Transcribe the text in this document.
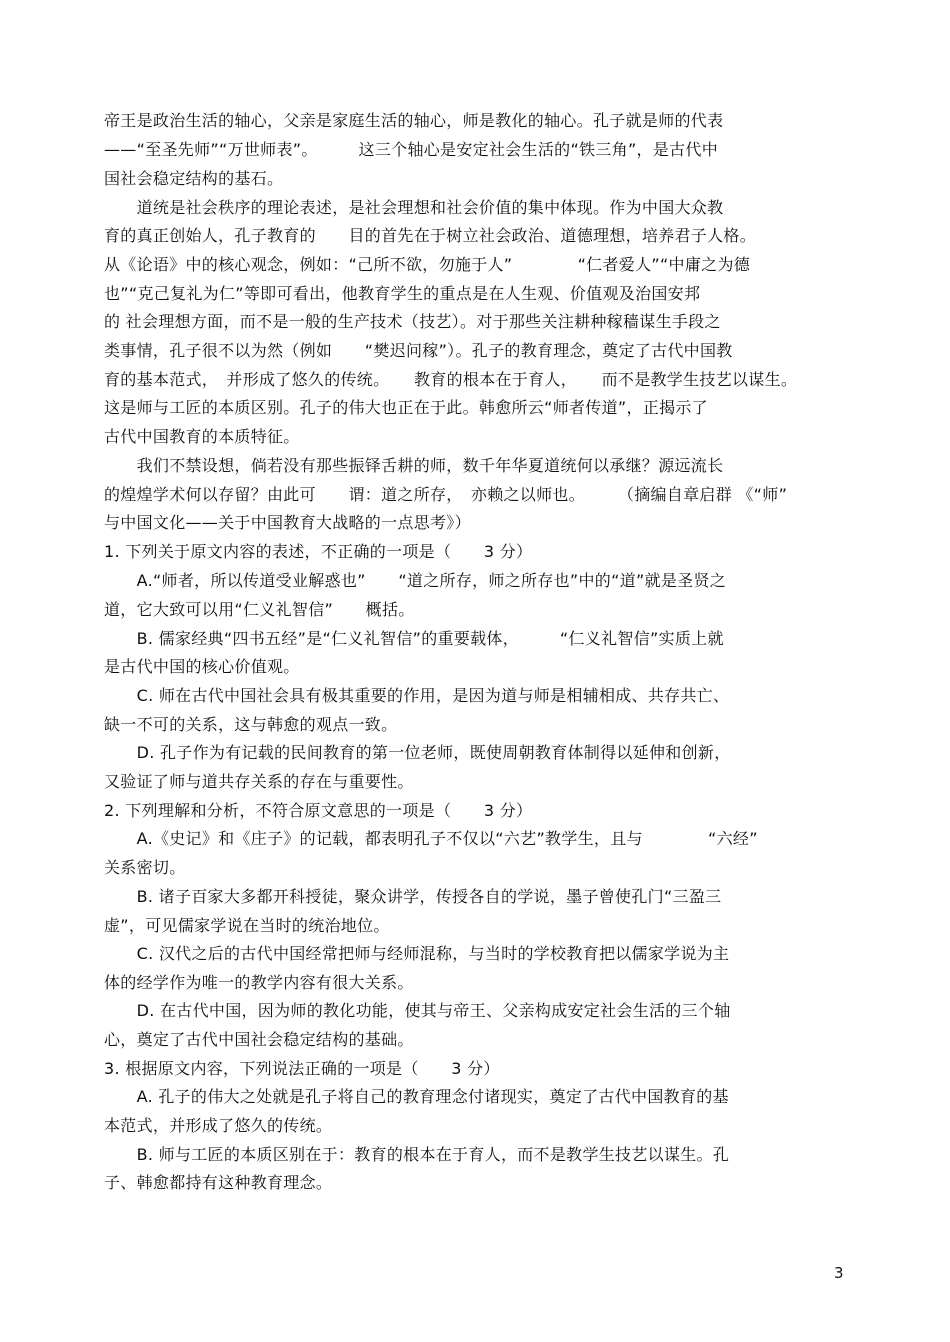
3
帝王是政治生活的轴心，父亲是家庭生活的轴心，师是教化的轴心。孔子就是师的代表
——“至圣先师”“万世师表”。　　　这三个轴心是安定社会生活的“铁三角”，是古代中
国社会稳定结构的基石。
　　道统是社会秩序的理论表述，是社会理想和社会价值的集中体现。作为中国大众教
育的真正创始人，孔子教育的　　目的首先在于树立社会政治、道德理想，培养君子人格。
从《论语》中的核心观念，例如：“己所不欲，勿施于人”　　　　“仁者爱人”“中庸之为德
也”“克己复礼为仁”等即可看出，他教育学生的重点是在人生观、价值观及治国安邦
的 社会理想方面，而不是一般的生产技术（技艺）。对于那些关注耕种稼穑谋生手段之
类事情，孔子很不以为然（例如　　“樊迟问稼”）。孔子的教育理念，奠定了古代中国教
育的基本范式，　并形成了悠久的传统。　　教育的根本在于育人，　　而不是教学生技艺以谋生。
这是师与工匠的本质区别。孔子的伟大也正在于此。韩愈所云“师者传道”，正揭示了
古代中国教育的本质特征。
　　我们不禁设想，倘若没有那些振铎舌耕的师，数千年华夏道统何以承继？源远流长
的煌煌学术何以存留？由此可　　谓：道之所存，　亦赖之以师也。　　　（摘编自章启群 《“师”
与中国文化——关于中国教育大战略的一点思考》）
1. 下列关于原文内容的表述，不正确的一项是（　　3 分）
　　A.“师者，所以传道受业解惑也”　　“道之所存，师之所存也”中的“道”就是圣贤之
道，它大致可以用“仁义礼智信”　　概括。
　　B. 儒家经典“四书五经”是“仁义礼智信”的重要载体，　　　“仁义礼智信”实质上就
是古代中国的核心价值观。
　　C. 师在古代中国社会具有极其重要的作用，是因为道与师是相辅相成、共存共亡、
缺一不可的关系，这与韩愈的观点一致。
　　D. 孔子作为有记载的民间教育的第一位老师，既使周朝教育体制得以延伸和创新，
又验证了师与道共存关系的存在与重要性。
2. 下列理解和分析，不符合原文意思的一项是（　　3 分）
　　A.《史记》和《庄子》的记载，都表明孔子不仅以“六艺”教学生，且与　　　　“六经”
关系密切。
　　B. 诸子百家大多都开科授徒，聚众讲学，传授各自的学说，墨子曾使孔门“三盈三
虚”，可见儒家学说在当时的统治地位。
　　C. 汉代之后的古代中国经常把师与经师混称，与当时的学校教育把以儒家学说为主
体的经学作为唯一的教学内容有很大关系。
　　D. 在古代中国，因为师的教化功能，使其与帝王、父亲构成安定社会生活的三个轴
心，奠定了古代中国社会稳定结构的基础。
3. 根据原文内容，下列说法正确的一项是（　　3 分）
　　A. 孔子的伟大之处就是孔子将自己的教育理念付诸现实，奠定了古代中国教育的基
本范式，并形成了悠久的传统。
　　B. 师与工匠的本质区别在于：教育的根本在于育人，而不是教学生技艺以谋生。孔
子、韩愈都持有这种教育理念。
